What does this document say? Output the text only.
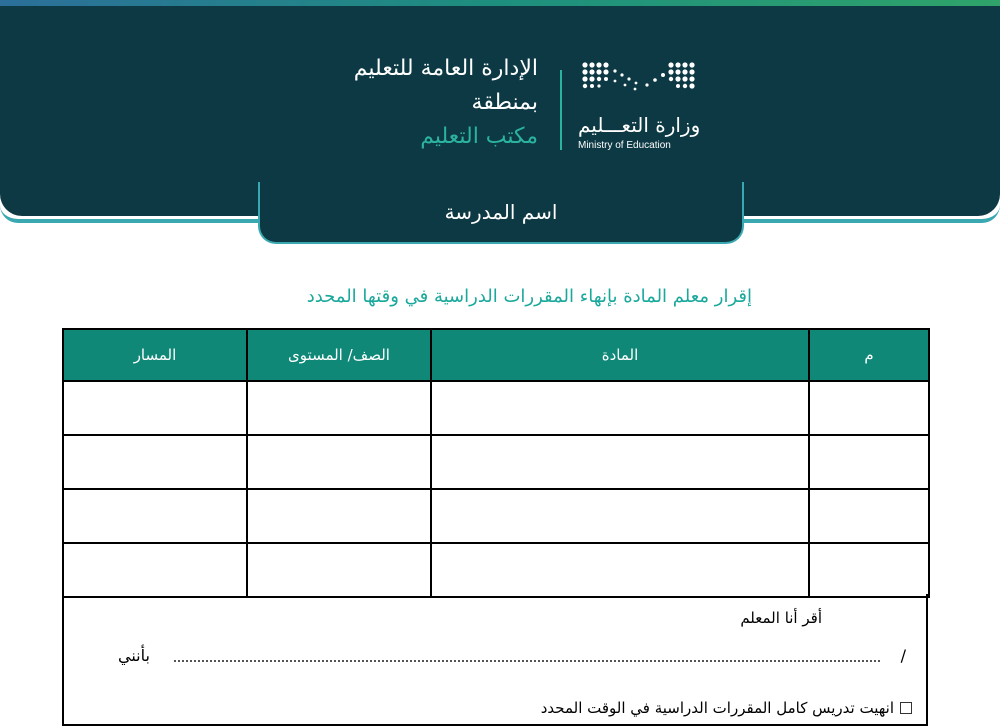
وزارة التعـــليم
Ministry of Education
الإدارة العامة للتعليم
بمنطقة
مكتب التعليم
اسم المدرسة
إقرار معلم المادة بإنهاء المقررات الدراسية في وقتها المحدد
م	المادة	الصف/ المستوى	المسار

أقر أنا المعلم
/
بأنني
انهيت تدريس كامل المقررات الدراسية في الوقت المحدد
